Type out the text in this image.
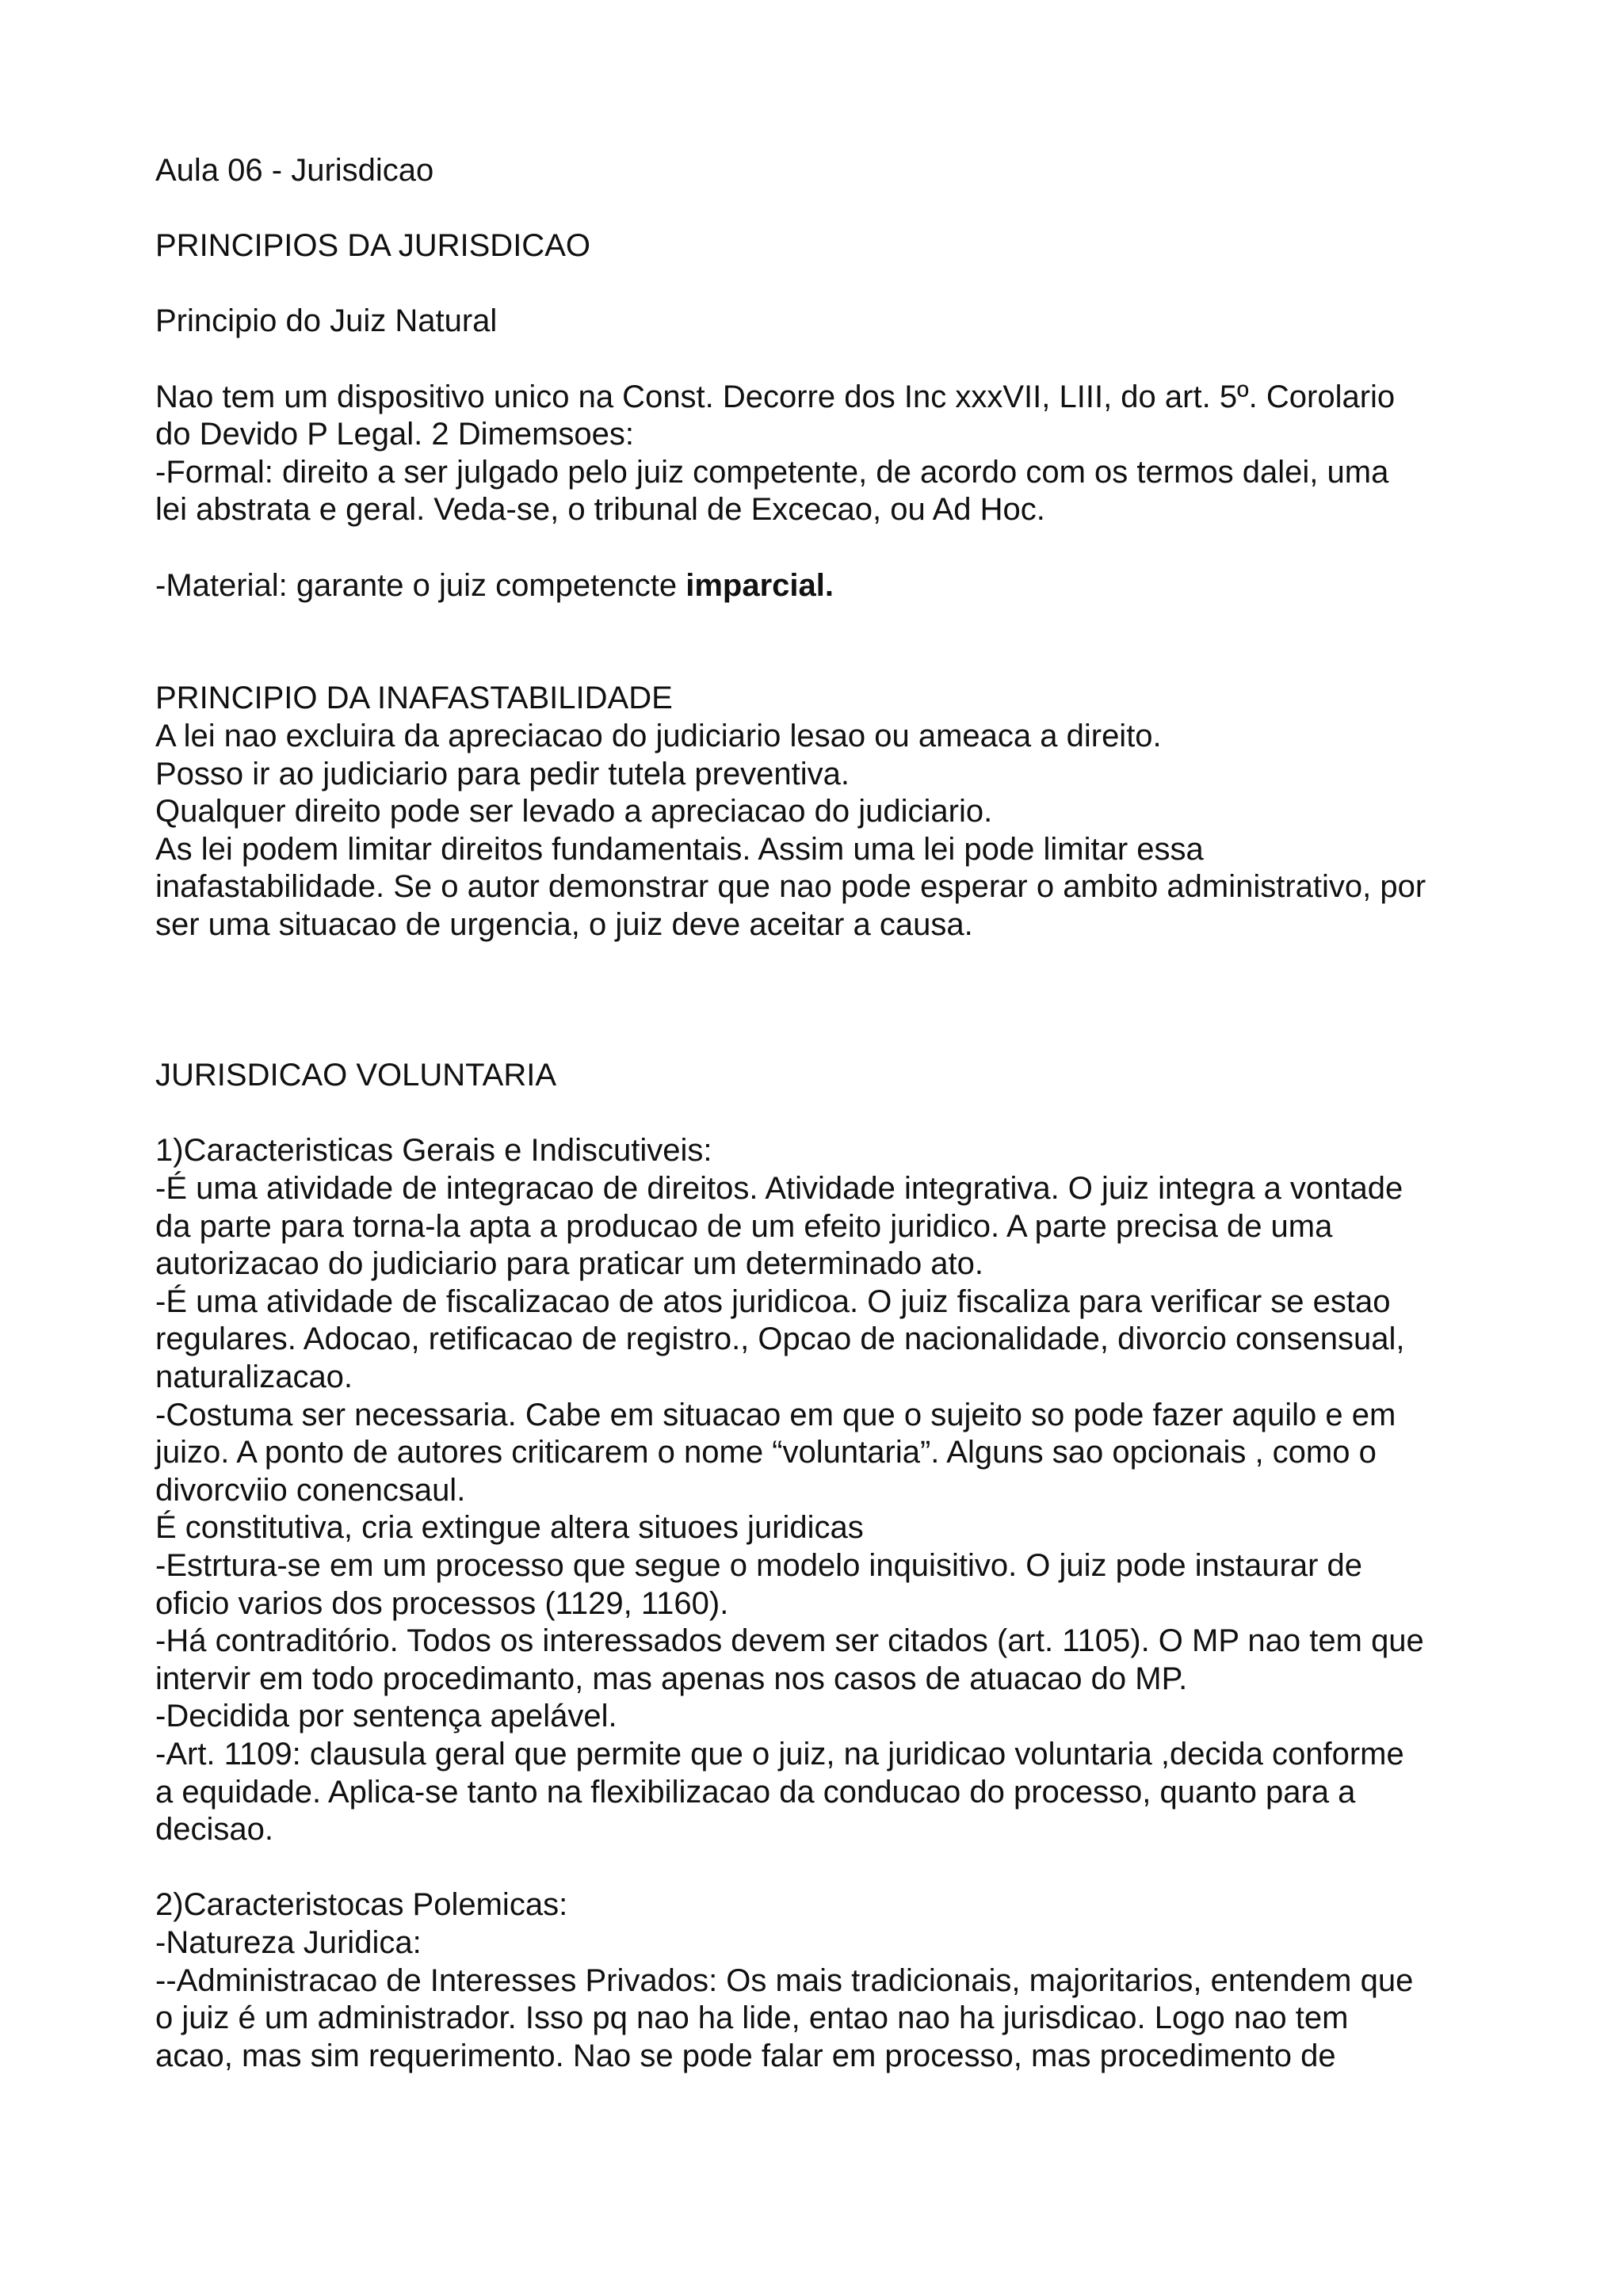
Aula 06 - Jurisdicao

PRINCIPIOS DA JURISDICAO

Principio do Juiz Natural

Nao tem um dispositivo unico na Const. Decorre dos Inc xxxVII, LIII, do art. 5º. Corolario

do Devido P Legal. 2 Dimemsoes:

-Formal: direito a ser julgado pelo juiz competente, de acordo com os termos dalei, uma

lei abstrata e geral. Veda-se, o tribunal de Excecao, ou Ad Hoc.

-Material: garante o juiz competencte imparcial.

PRINCIPIO DA INAFASTABILIDADE

A lei nao excluira da apreciacao do judiciario lesao ou ameaca a direito.

Posso ir ao judiciario para pedir tutela preventiva.

Qualquer direito pode ser levado a apreciacao do judiciario.

As lei podem limitar direitos fundamentais. Assim uma lei pode limitar essa

inafastabilidade. Se o autor demonstrar que nao pode esperar o ambito administrativo, por

ser uma situacao de urgencia, o juiz deve aceitar a causa.

JURISDICAO VOLUNTARIA

1)Caracteristicas Gerais e Indiscutiveis:

-É uma atividade de integracao de direitos. Atividade integrativa. O juiz integra a vontade

da parte para torna-la apta a producao de um efeito juridico. A parte precisa de uma

autorizacao do judiciario para praticar um determinado ato.

-É uma atividade de fiscalizacao de atos juridicoa. O juiz fiscaliza para verificar se estao

regulares. Adocao, retificacao de registro., Opcao de nacionalidade, divorcio consensual,

naturalizacao.

-Costuma ser necessaria. Cabe em situacao em que o sujeito so pode fazer aquilo e em

juizo. A ponto de autores criticarem o nome “voluntaria”. Alguns sao opcionais , como o

divorcviio conencsaul.

É constitutiva, cria extingue altera situoes juridicas

-Estrtura-se em um processo que segue o modelo inquisitivo. O juiz pode instaurar de

oficio varios dos processos (1129, 1160).

-Há contraditório. Todos os interessados devem ser citados (art. 1105). O MP nao tem que

intervir em todo procedimanto, mas apenas nos casos de atuacao do MP.

-Decidida por sentença apelável.

-Art. 1109: clausula geral que permite que o juiz, na juridicao voluntaria ,decida conforme

a equidade. Aplica-se tanto na flexibilizacao da conducao do processo, quanto para a

decisao.

2)Caracteristocas Polemicas:

-Natureza Juridica:

--Administracao de Interesses Privados: Os mais tradicionais, majoritarios, entendem que

o juiz é um administrador. Isso pq nao ha lide, entao nao ha jurisdicao. Logo nao tem

acao, mas sim requerimento. Nao se pode falar em processo, mas procedimento de
